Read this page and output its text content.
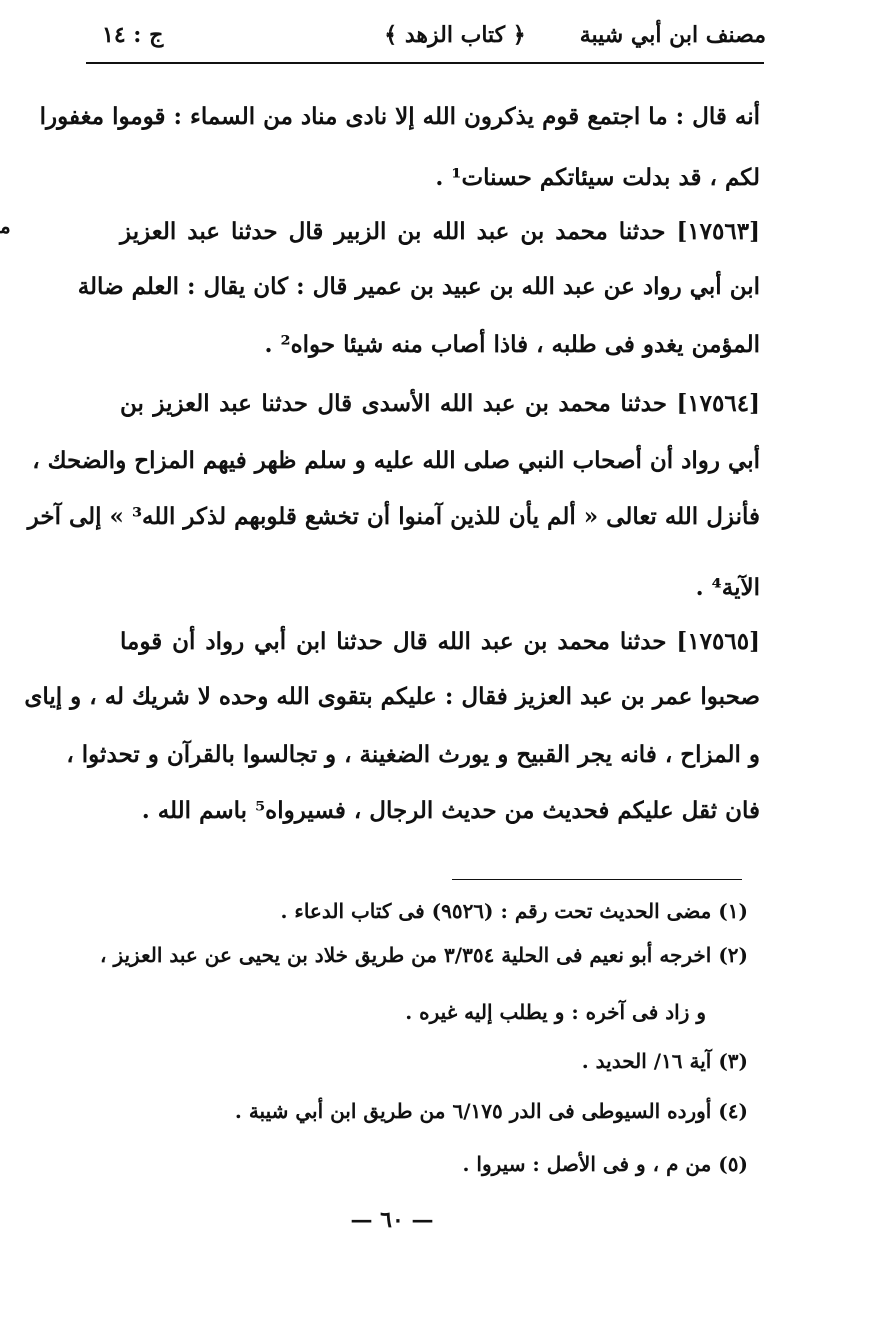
مصنف ابن أبي شيبة
﴿ كتاب الزهد ﴾
ج : ١٤
ﻣ
أنه قال : ما اجتمع قوم يذكرون الله إلا نادى مناد من السماء : قوموا مغفورا
لكم ، قد بدلت سيئاتكم حسنات¹ .
[١٧٥٦٣] حدثنا محمد بن عبد الله بن الزبير قال حدثنا عبد العزيز
ابن أبي رواد عن عبد الله بن عبيد بن عمير قال : كان يقال : العلم ضالة
المؤمن يغدو فى طلبه ، فاذا أصاب منه شيئا حواه² .
[١٧٥٦٤] حدثنا محمد بن عبد الله الأسدى قال حدثنا عبد العزيز بن
أبي رواد أن أصحاب النبي صلى الله عليه و سلم ظهر فيهم المزاح والضحك ،
فأنزل الله تعالى « ألم يأن للذين آمنوا أن تخشع قلوبهم لذكر الله³ » إلى آخر
الآية⁴ .
[١٧٥٦٥] حدثنا محمد بن عبد الله قال حدثنا ابن أبي رواد أن قوما
صحبوا عمر بن عبد العزيز فقال : عليكم بتقوى الله وحده لا شريك له ، و إياى
و المزاح ، فانه يجر القبيح و يورث الضغينة ، و تجالسوا بالقرآن و تحدثوا ،
فان ثقل عليكم فحديث من حديث الرجال ، فسيرواه⁵ باسم الله .
(١) مضى الحديث تحت رقم : (٩٥٢٦) فى كتاب الدعاء .
(٢) اخرجه أبو نعيم فى الحلية ٣/٣٥٤ من طريق خلاد بن يحيى عن عبد العزيز ،
و زاد فى آخره : و يطلب إليه غيره .
(٣) آية ١٦/ الحديد .
(٤) أورده السيوطى فى الدر ٦/١٧٥ من طريق ابن أبي شيبة .
(٥) من م ، و فى الأصل : سيروا .
— ٦٠ —
